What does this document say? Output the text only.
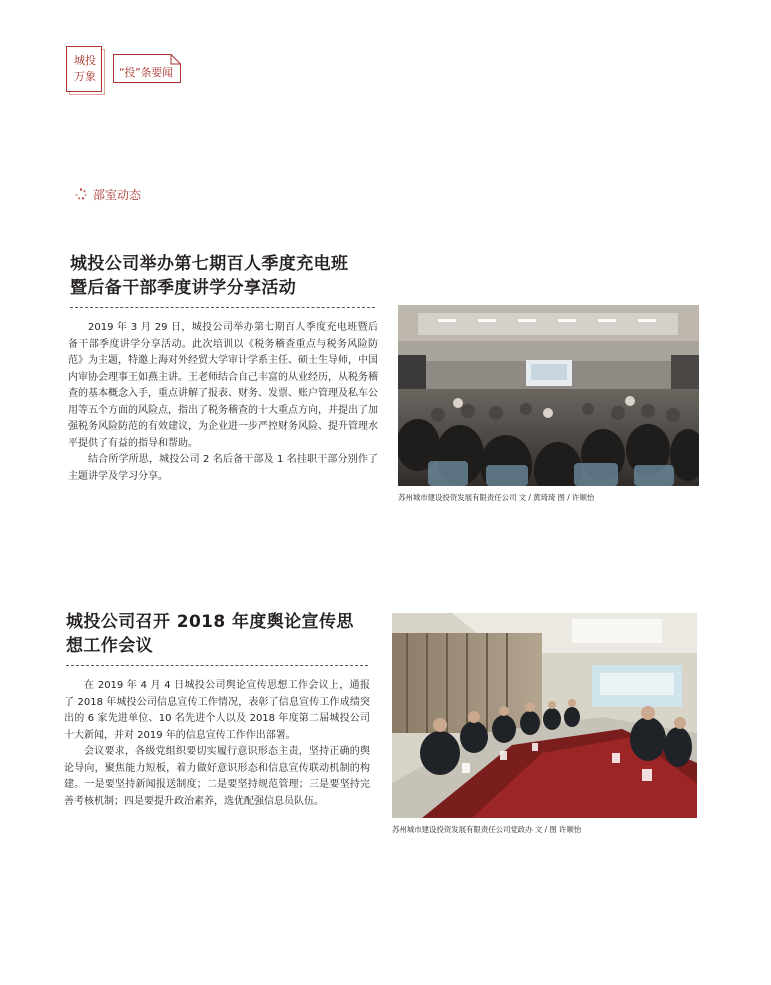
城投
万象 “投”条要闻
部室动态
城投公司举办第七期百人季度充电班
暨后备干部季度讲学分享活动

2019 年 3 月 29 日，城投公司举办第七期百人季度充电班暨后备干部季度讲学分享活动。此次培训以《税务稽查重点与税务风险防范》为主题，特邀上海对外经贸大学审计学系主任、硕士生导师，中国内审协会理事王如燕主讲。王老师结合自己丰富的从业经历，从税务稽查的基本概念入手，重点讲解了报表、财务、发票、账户管理及私车公用等五个方面的风险点，指出了税务稽查的十大重点方向，并提出了加强税务风险防范的有效建议，为企业进一步严控财务风险、提升管理水平提供了有益的指导和帮助。

结合所学所思，城投公司 2 名后备干部及 1 名挂职干部分别作了主题讲学及学习分享。

苏州城市建设投资发展有限责任公司 文 / 黄琦琦 图 / 许顺怡
城投公司召开 2018 年度舆论宣传思
想工作会议

在 2019 年 4 月 4 日城投公司舆论宣传思想工作会议上，通报了 2018 年城投公司信息宣传工作情况，表彰了信息宣传工作成绩突出的 6 家先进单位、10 名先进个人以及 2018 年度第二届城投公司十大新闻，并对 2019 年的信息宣传工作作出部署。

会议要求，各级党组织要切实履行意识形态主责，坚持正确的舆论导向，聚焦能力短板，着力做好意识形态和信息宣传联动机制的构建。一是要坚持新闻报送制度；二是要坚持规范管理；三是要坚持完善考核机制；四是要提升政治素养，选优配强信息员队伍。

苏州城市建设投资发展有限责任公司党政办 文 / 图 许顺怡
